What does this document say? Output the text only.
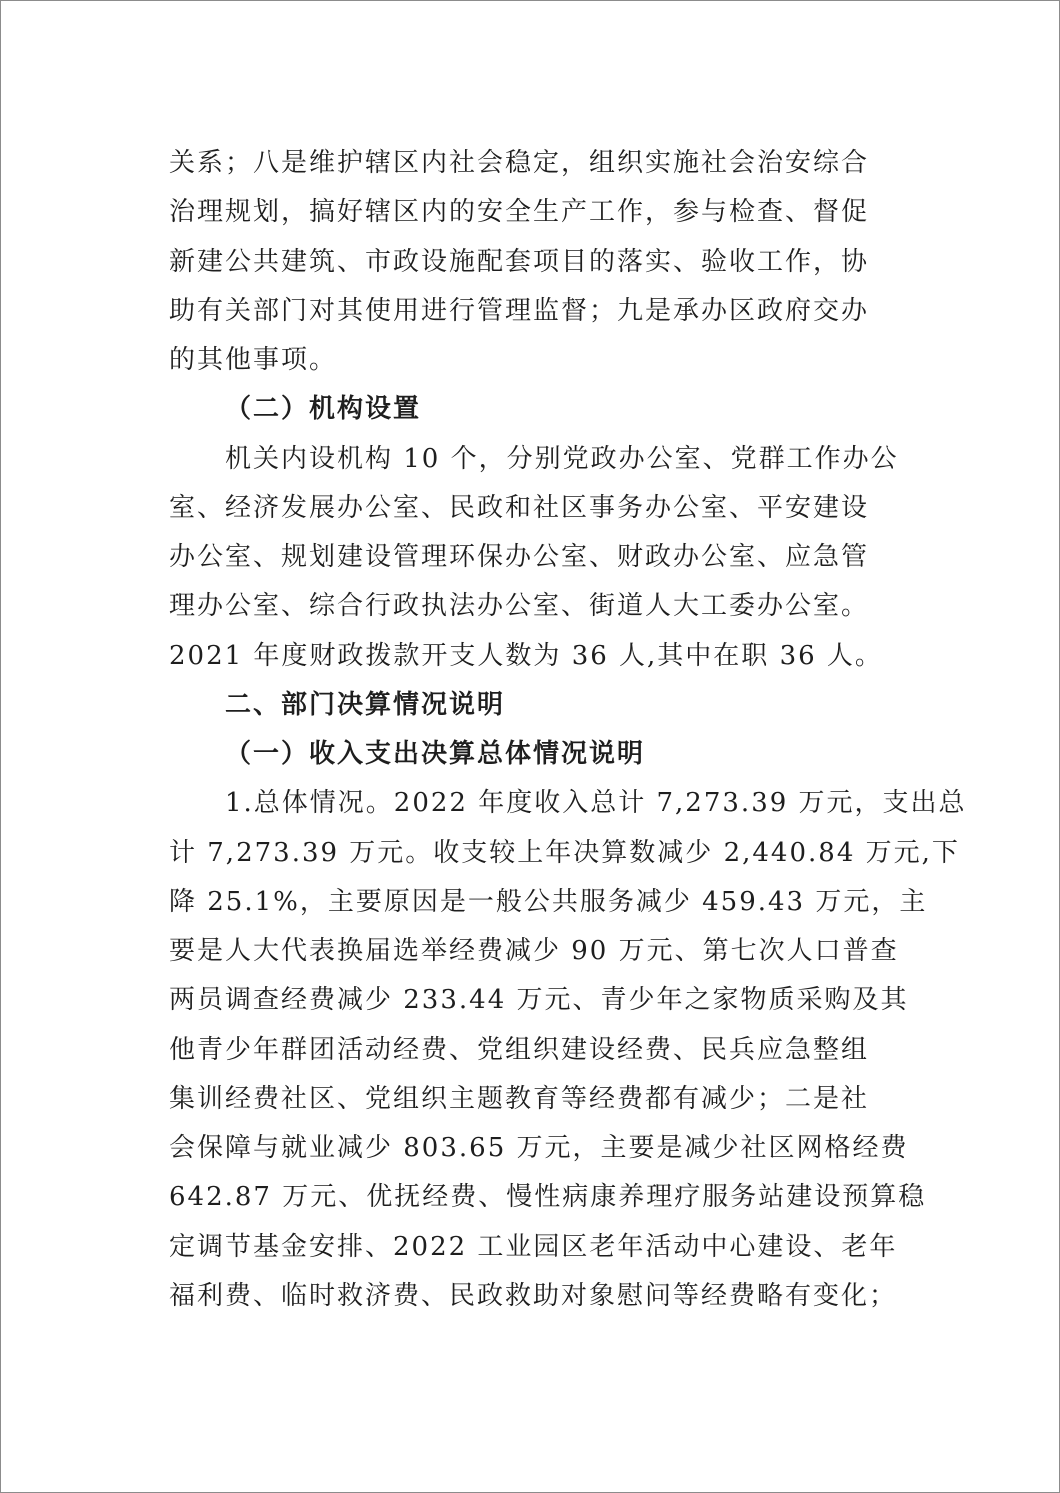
关系；八是维护辖区内社会稳定，组织实施社会治安综合
治理规划，搞好辖区内的安全生产工作，参与检查、督促
新建公共建筑、市政设施配套项目的落实、验收工作，协
助有关部门对其使用进行管理监督；九是承办区政府交办
的其他事项。
（二）机构设置
机关内设机构 10 个，分别党政办公室、党群工作办公
室、经济发展办公室、民政和社区事务办公室、平安建设
办公室、规划建设管理环保办公室、财政办公室、应急管
理办公室、综合行政执法办公室、街道人大工委办公室。
2021 年度财政拨款开支人数为 36 人,其中在职 36 人。
二、部门决算情况说明
（一）收入支出决算总体情况说明
1.总体情况。2022 年度收入总计 7,273.39 万元，支出总
计 7,273.39 万元。收支较上年决算数减少 2,440.84 万元,下
降 25.1%，主要原因是一般公共服务减少 459.43 万元，主
要是人大代表换届选举经费减少 90 万元、第七次人口普查
两员调查经费减少 233.44 万元、青少年之家物质采购及其
他青少年群团活动经费、党组织建设经费、民兵应急整组
集训经费社区、党组织主题教育等经费都有减少；二是社
会保障与就业减少 803.65 万元，主要是减少社区网格经费
642.87 万元、优抚经费、慢性病康养理疗服务站建设预算稳
定调节基金安排、2022 工业园区老年活动中心建设、老年
福利费、临时救济费、民政救助对象慰问等经费略有变化；
